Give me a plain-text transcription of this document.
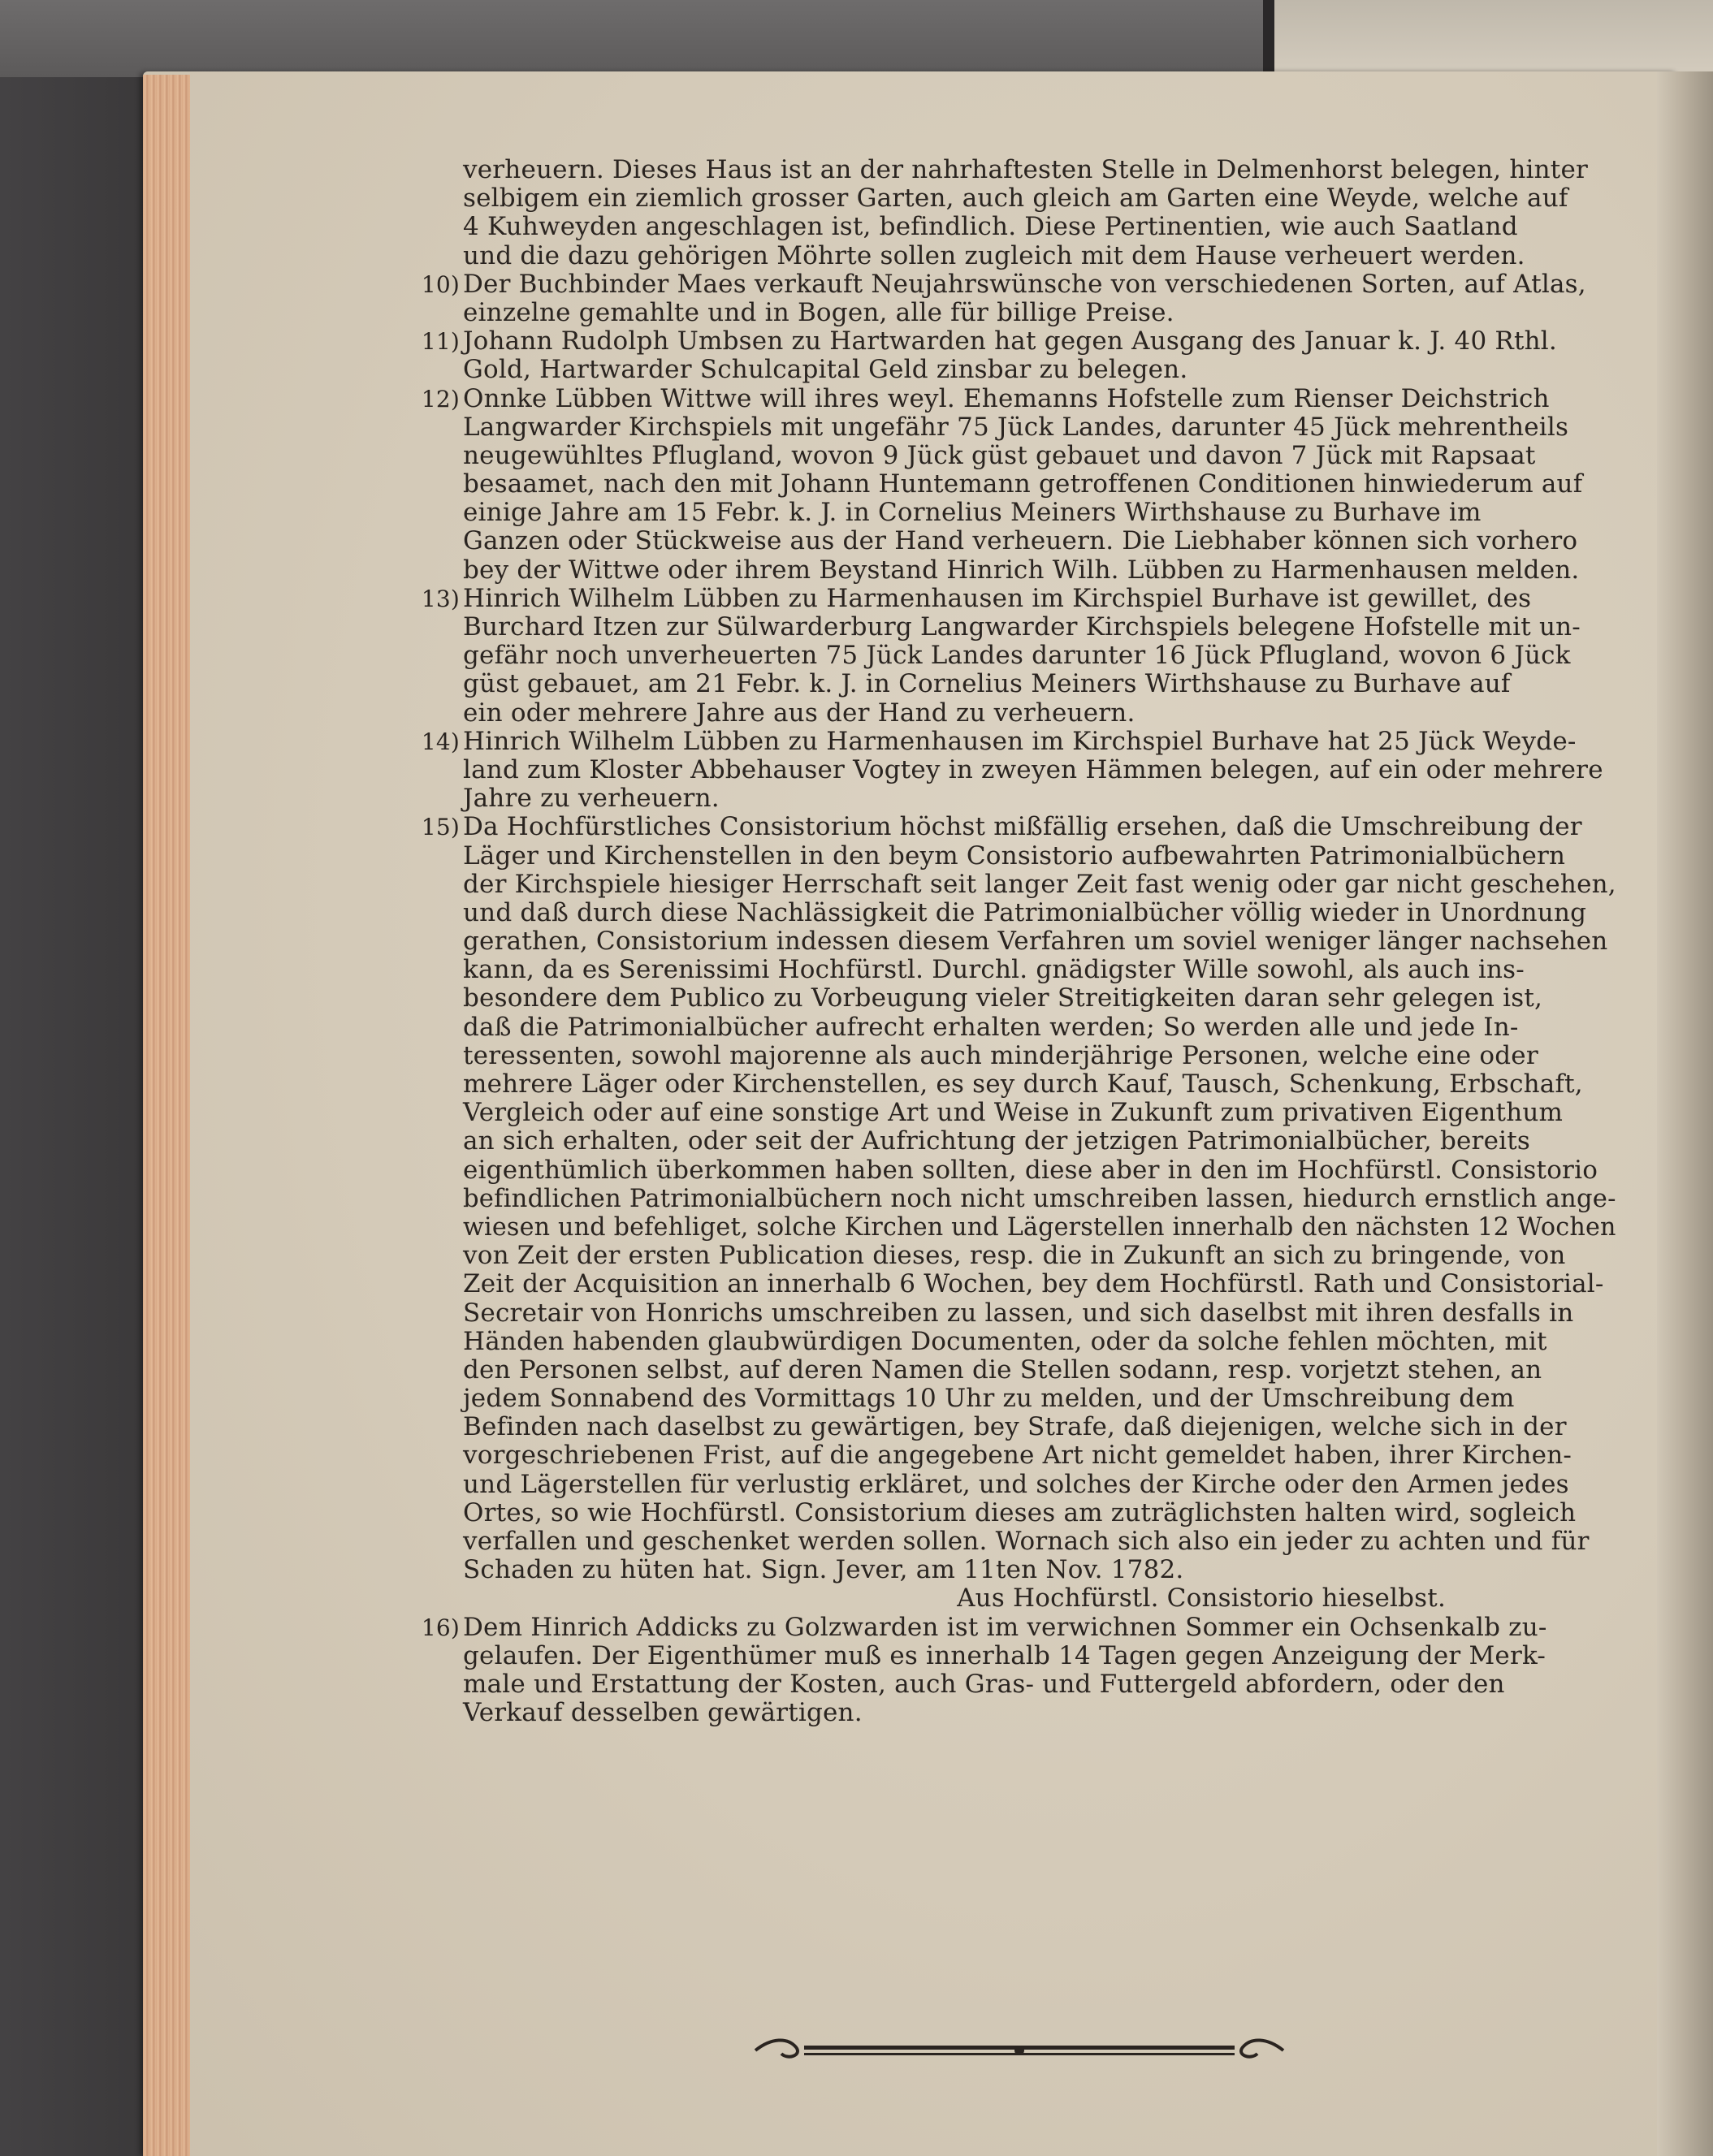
verheuern. Dieses Haus ist an der nahrhaftesten Stelle in Delmenhorst belegen, hinter
selbigem ein ziemlich grosser Garten, auch gleich am Garten eine Weyde, welche auf
4 Kuhweyden angeschlagen ist, befindlich. Diese Pertinentien, wie auch Saatland
und die dazu gehörigen Möhrte sollen zugleich mit dem Hause verheuert werden.
10) Der Buchbinder Maes verkauft Neujahrswünsche von verschiedenen Sorten, auf Atlas,
einzelne gemahlte und in Bogen, alle für billige Preise.
11) Johann Rudolph Umbsen zu Hartwarden hat gegen Ausgang des Januar k. J. 40 Rthl.
Gold, Hartwarder Schulcapital Geld zinsbar zu belegen.
12) Onnke Lübben Wittwe will ihres weyl. Ehemanns Hofstelle zum Rienser Deichstrich
Langwarder Kirchspiels mit ungefähr 75 Jück Landes, darunter 45 Jück mehrentheils
neugewühltes Pflugland, wovon 9 Jück güst gebauet und davon 7 Jück mit Rapsaat
besaamet, nach den mit Johann Huntemann getroffenen Conditionen hinwiederum auf
einige Jahre am 15 Febr. k. J. in Cornelius Meiners Wirthshause zu Burhave im
Ganzen oder Stückweise aus der Hand verheuern. Die Liebhaber können sich vorhero
bey der Wittwe oder ihrem Beystand Hinrich Wilh. Lübben zu Harmenhausen melden.
13) Hinrich Wilhelm Lübben zu Harmenhausen im Kirchspiel Burhave ist gewillet, des
Burchard Itzen zur Sülwarderburg Langwarder Kirchspiels belegene Hofstelle mit un-
gefähr noch unverheuerten 75 Jück Landes darunter 16 Jück Pflugland, wovon 6 Jück
güst gebauet, am 21 Febr. k. J. in Cornelius Meiners Wirthshause zu Burhave auf
ein oder mehrere Jahre aus der Hand zu verheuern.
14) Hinrich Wilhelm Lübben zu Harmenhausen im Kirchspiel Burhave hat 25 Jück Weyde-
land zum Kloster Abbehauser Vogtey in zweyen Hämmen belegen, auf ein oder mehrere
Jahre zu verheuern.
15) Da Hochfürstliches Consistorium höchst mißfällig ersehen, daß die Umschreibung der
Läger und Kirchenstellen in den beym Consistorio aufbewahrten Patrimonialbüchern
der Kirchspiele hiesiger Herrschaft seit langer Zeit fast wenig oder gar nicht geschehen,
und daß durch diese Nachlässigkeit die Patrimonialbücher völlig wieder in Unordnung
gerathen, Consistorium indessen diesem Verfahren um soviel weniger länger nachsehen
kann, da es Serenissimi Hochfürstl. Durchl. gnädigster Wille sowohl, als auch ins-
besondere dem Publico zu Vorbeugung vieler Streitigkeiten daran sehr gelegen ist,
daß die Patrimonialbücher aufrecht erhalten werden; So werden alle und jede In-
teressenten, sowohl majorenne als auch minderjährige Personen, welche eine oder
mehrere Läger oder Kirchenstellen, es sey durch Kauf, Tausch, Schenkung, Erbschaft,
Vergleich oder auf eine sonstige Art und Weise in Zukunft zum privativen Eigenthum
an sich erhalten, oder seit der Aufrichtung der jetzigen Patrimonialbücher, bereits
eigenthümlich überkommen haben sollten, diese aber in den im Hochfürstl. Consistorio
befindlichen Patrimonialbüchern noch nicht umschreiben lassen, hiedurch ernstlich ange-
wiesen und befehliget, solche Kirchen und Lägerstellen innerhalb den nächsten 12 Wochen
von Zeit der ersten Publication dieses, resp. die in Zukunft an sich zu bringende, von
Zeit der Acquisition an innerhalb 6 Wochen, bey dem Hochfürstl. Rath und Consistorial-
Secretair von Honrichs umschreiben zu lassen, und sich daselbst mit ihren desfalls in
Händen habenden glaubwürdigen Documenten, oder da solche fehlen möchten, mit
den Personen selbst, auf deren Namen die Stellen sodann, resp. vorjetzt stehen, an
jedem Sonnabend des Vormittags 10 Uhr zu melden, und der Umschreibung dem
Befinden nach daselbst zu gewärtigen, bey Strafe, daß diejenigen, welche sich in der
vorgeschriebenen Frist, auf die angegebene Art nicht gemeldet haben, ihrer Kirchen-
und Lägerstellen für verlustig erkläret, und solches der Kirche oder den Armen jedes
Ortes, so wie Hochfürstl. Consistorium dieses am zuträglichsten halten wird, sogleich
verfallen und geschenket werden sollen. Wornach sich also ein jeder zu achten und für
Schaden zu hüten hat. Sign. Jever, am 11ten Nov. 1782.
Aus Hochfürstl. Consistorio hieselbst.
16) Dem Hinrich Addicks zu Golzwarden ist im verwichnen Sommer ein Ochsenkalb zu-
gelaufen. Der Eigenthümer muß es innerhalb 14 Tagen gegen Anzeigung der Merk-
male und Erstattung der Kosten, auch Gras- und Futtergeld abfordern, oder den
Verkauf desselben gewärtigen.
